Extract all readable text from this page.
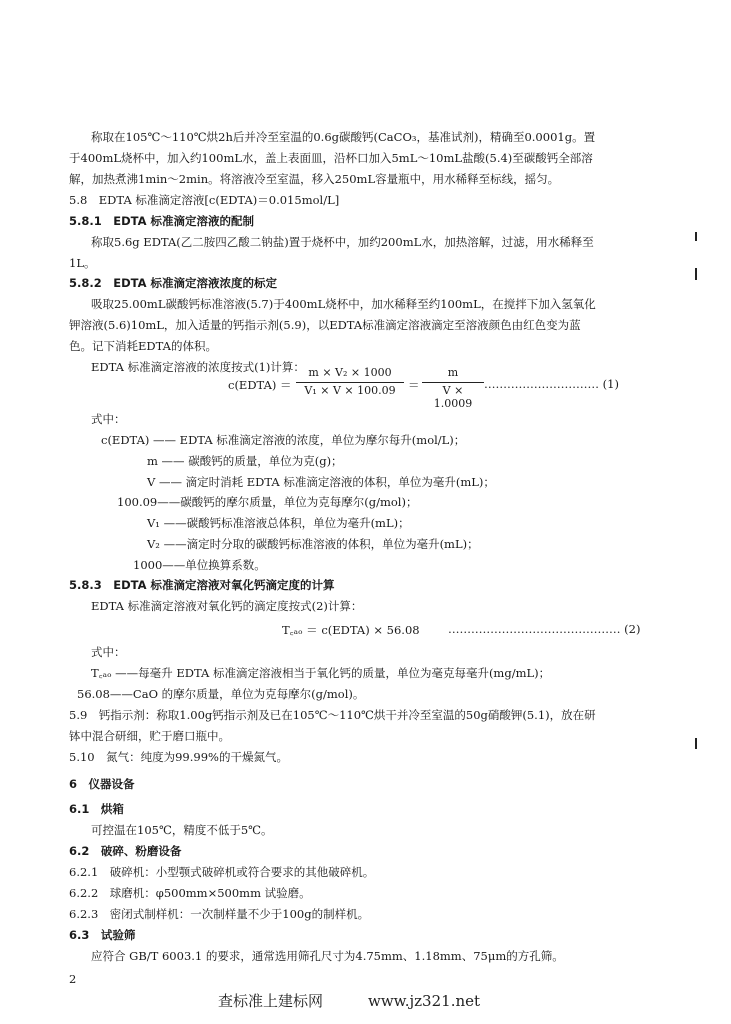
称取在105℃～110℃烘2h后并冷至室温的0.6g碳酸钙(CaCO₃，基准试剂)，精确至0.0001g。置
于400mL烧杯中，加入约100mL水，盖上表面皿，沿杯口加入5mL～10mL盐酸(5.4)至碳酸钙全部溶
解，加热煮沸1min～2min。将溶液冷至室温，移入250mL容量瓶中，用水稀释至标线，摇匀。
5.8　EDTA 标准滴定溶液[c(EDTA)＝0.015mol/L]
5.8.1　EDTA 标准滴定溶液的配制
称取5.6g EDTA(乙二胺四乙酸二钠盐)置于烧杯中，加约200mL水，加热溶解，过滤，用水稀释至
1L。
5.8.2　EDTA 标准滴定溶液浓度的标定
吸取25.00mL碳酸钙标准溶液(5.7)于400mL烧杯中，加水稀释至约100mL，在搅拌下加入氢氧化
钾溶液(5.6)10mL，加入适量的钙指示剂(5.9)，以EDTA标准滴定溶液滴定至溶液颜色由红色变为蓝
色。记下消耗EDTA的体积。
EDTA 标准滴定溶液的浓度按式(1)计算：
c(EDTA) ＝
m × V₂ × 1000
V₁ × V × 100.09	＝
m
V × 1.0009
………………………… (1)
式中：
c(EDTA) —— EDTA 标准滴定溶液的浓度，单位为摩尔每升(mol/L)；
m —— 碳酸钙的质量，单位为克(g)；
V —— 滴定时消耗 EDTA 标准滴定溶液的体积，单位为毫升(mL)；
100.09——碳酸钙的摩尔质量，单位为克每摩尔(g/mol)；
V₁ ——碳酸钙标准溶液总体积，单位为毫升(mL)；
V₂ ——滴定时分取的碳酸钙标准溶液的体积，单位为毫升(mL)；
1000——单位换算系数。
5.8.3　EDTA 标准滴定溶液对氧化钙滴定度的计算
EDTA 标准滴定溶液对氧化钙的滴定度按式(2)计算：
T꜀ₐₒ ＝ c(EDTA) × 56.08 ……………………………………… (2)
式中：
T꜀ₐₒ ——每毫升 EDTA 标准滴定溶液相当于氧化钙的质量，单位为毫克每毫升(mg/mL)；
56.08——CaO 的摩尔质量，单位为克每摩尔(g/mol)。
5.9　钙指示剂：称取1.00g钙指示剂及已在105℃～110℃烘干并冷至室温的50g硝酸钾(5.1)，放在研
钵中混合研细，贮于磨口瓶中。
5.10　氮气：纯度为99.99%的干燥氮气。
6　仪器设备
6.1　烘箱
可控温在105℃，精度不低于5℃。
6.2　破碎、粉磨设备
6.2.1　破碎机：小型颚式破碎机或符合要求的其他破碎机。
6.2.2　球磨机：φ500mm×500mm 试验磨。
6.2.3　密闭式制样机：一次制样量不少于100g的制样机。
6.3　试验筛
应符合 GB/T 6003.1 的要求，通常选用筛孔尺寸为4.75mm、1.18mm、75μm的方孔筛。
2
查标准上建标网　　　www.jz321.net
